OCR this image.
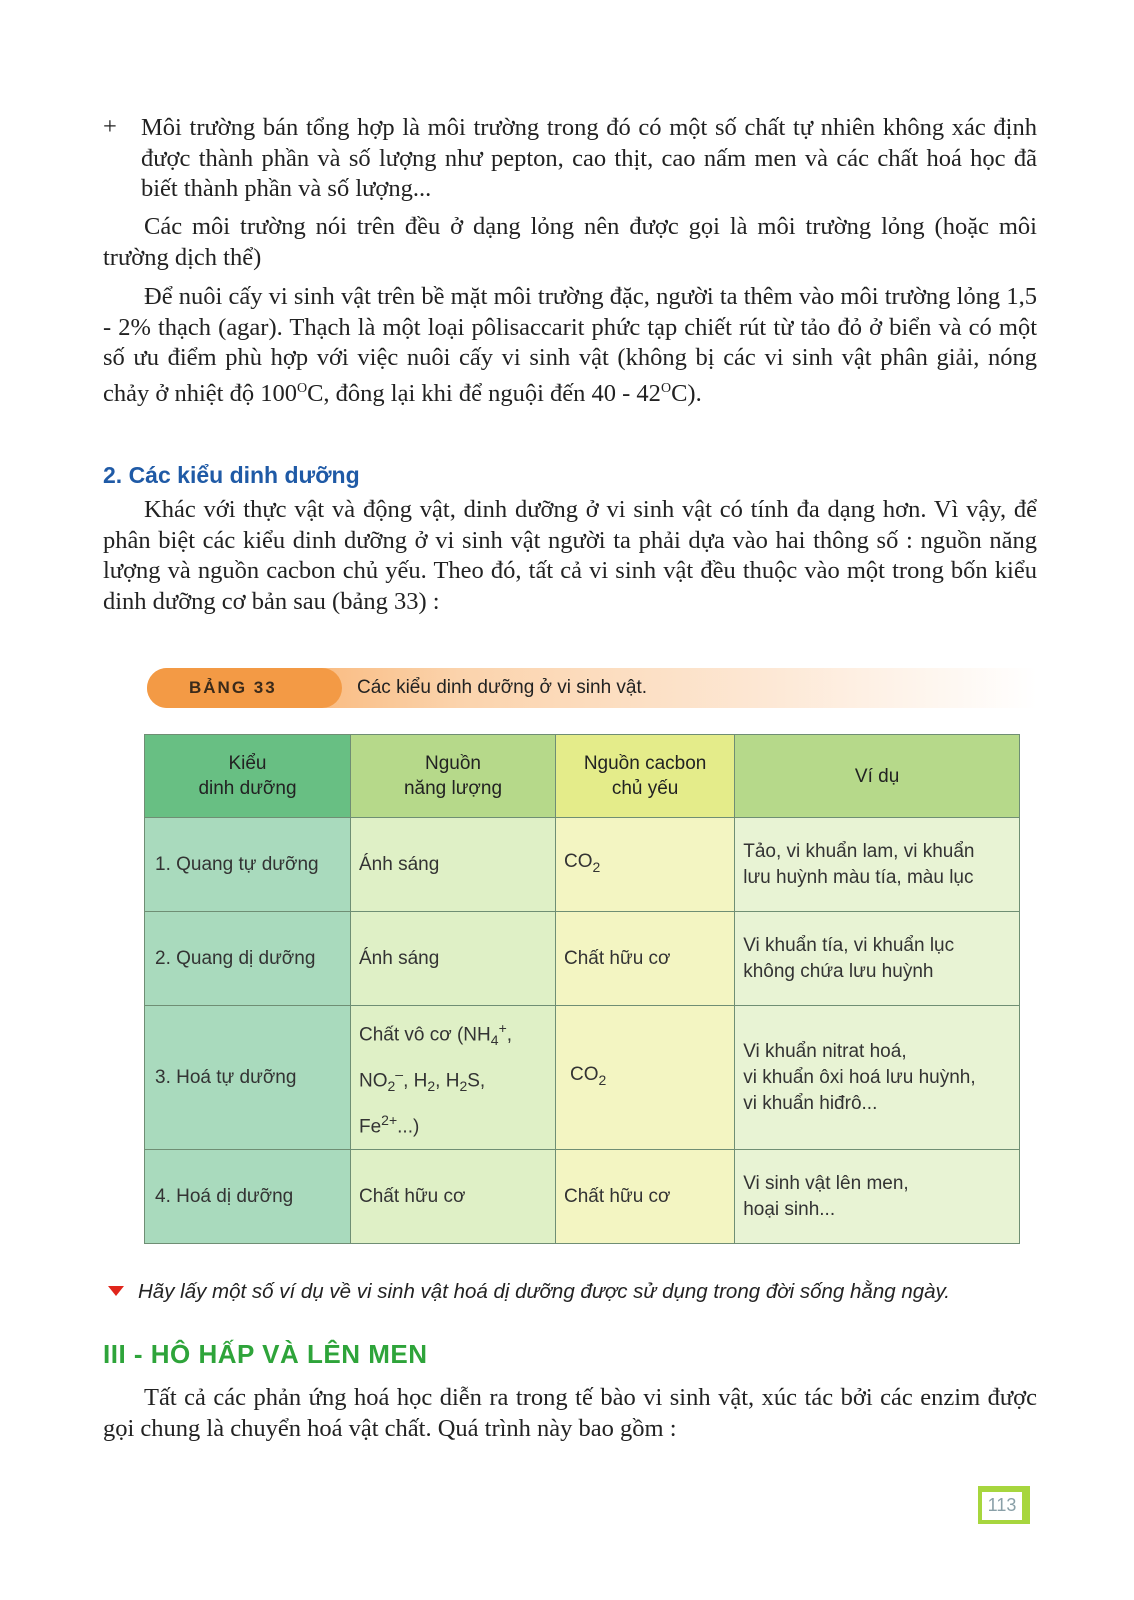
+ Môi trường bán tổng hợp là môi trường trong đó có một số chất tự nhiên không xác định được thành phần và số lượng như pepton, cao thịt, cao nấm men và các chất hoá học đã biết thành phần và số lượng...

Các môi trường nói trên đều ở dạng lỏng nên được gọi là môi trường lỏng (hoặc môi trường dịch thể)

Để nuôi cấy vi sinh vật trên bề mặt môi trường đặc, người ta thêm vào môi trường lỏng 1,5 - 2% thạch (agar). Thạch là một loại pôlisaccarit phức tạp chiết rút từ tảo đỏ ở biển và có một số ưu điểm phù hợp với việc nuôi cấy vi sinh vật (không bị các vi sinh vật phân giải, nóng chảy ở nhiệt độ $100^OC$, đông lại khi để nguội đến $40 - 42^OC$).

2. Các kiểu dinh dưỡng

Khác với thực vật và động vật, dinh dưỡng ở vi sinh vật có tính đa dạng hơn. Vì vậy, để phân biệt các kiểu dinh dưỡng ở vi sinh vật người ta phải dựa vào hai thông số : nguồn năng lượng và nguồn cacbon chủ yếu. Theo đó, tất cả vi sinh vật đều thuộc vào một trong bốn kiểu dinh dưỡng cơ bản sau (bảng 33) :

BẢNG 33	Các kiểu dinh dưỡng ở vi sinh vật.
Kiểu
dinh dưỡng	Nguồn
năng lượng	Nguồn cacbon
chủ yếu	Ví dụ
1. Quang tự dưỡng	Ánh sáng	$CO_2$	Tảo, vi khuẩn lam, vi khuẩn
lưu huỳnh màu tía, màu lục
2. Quang dị dưỡng	Ánh sáng	Chất hữu cơ	Vi khuẩn tía, vi khuẩn lục
không chứa lưu huỳnh
3. Hoá tự dưỡng	Chất vô cơ ($NH_4^+$,
$NO_2^-$, $H_2$, $H_2S$,
$Fe^{2+}$...)	$CO_2$	Vi khuẩn nitrat hoá,
vi khuẩn ôxi hoá lưu huỳnh,
vi khuẩn hiđrô...
4. Hoá dị dưỡng	Chất hữu cơ	Chất hữu cơ	Vi sinh vật lên men,
hoại sinh...

Hãy lấy một số ví dụ về vi sinh vật hoá dị dưỡng được sử dụng trong đời sống hằng ngày.

III - HÔ HẤP VÀ LÊN MEN

Tất cả các phản ứng hoá học diễn ra trong tế bào vi sinh vật, xúc tác bởi các enzim được gọi chung là chuyển hoá vật chất. Quá trình này bao gồm :

113
